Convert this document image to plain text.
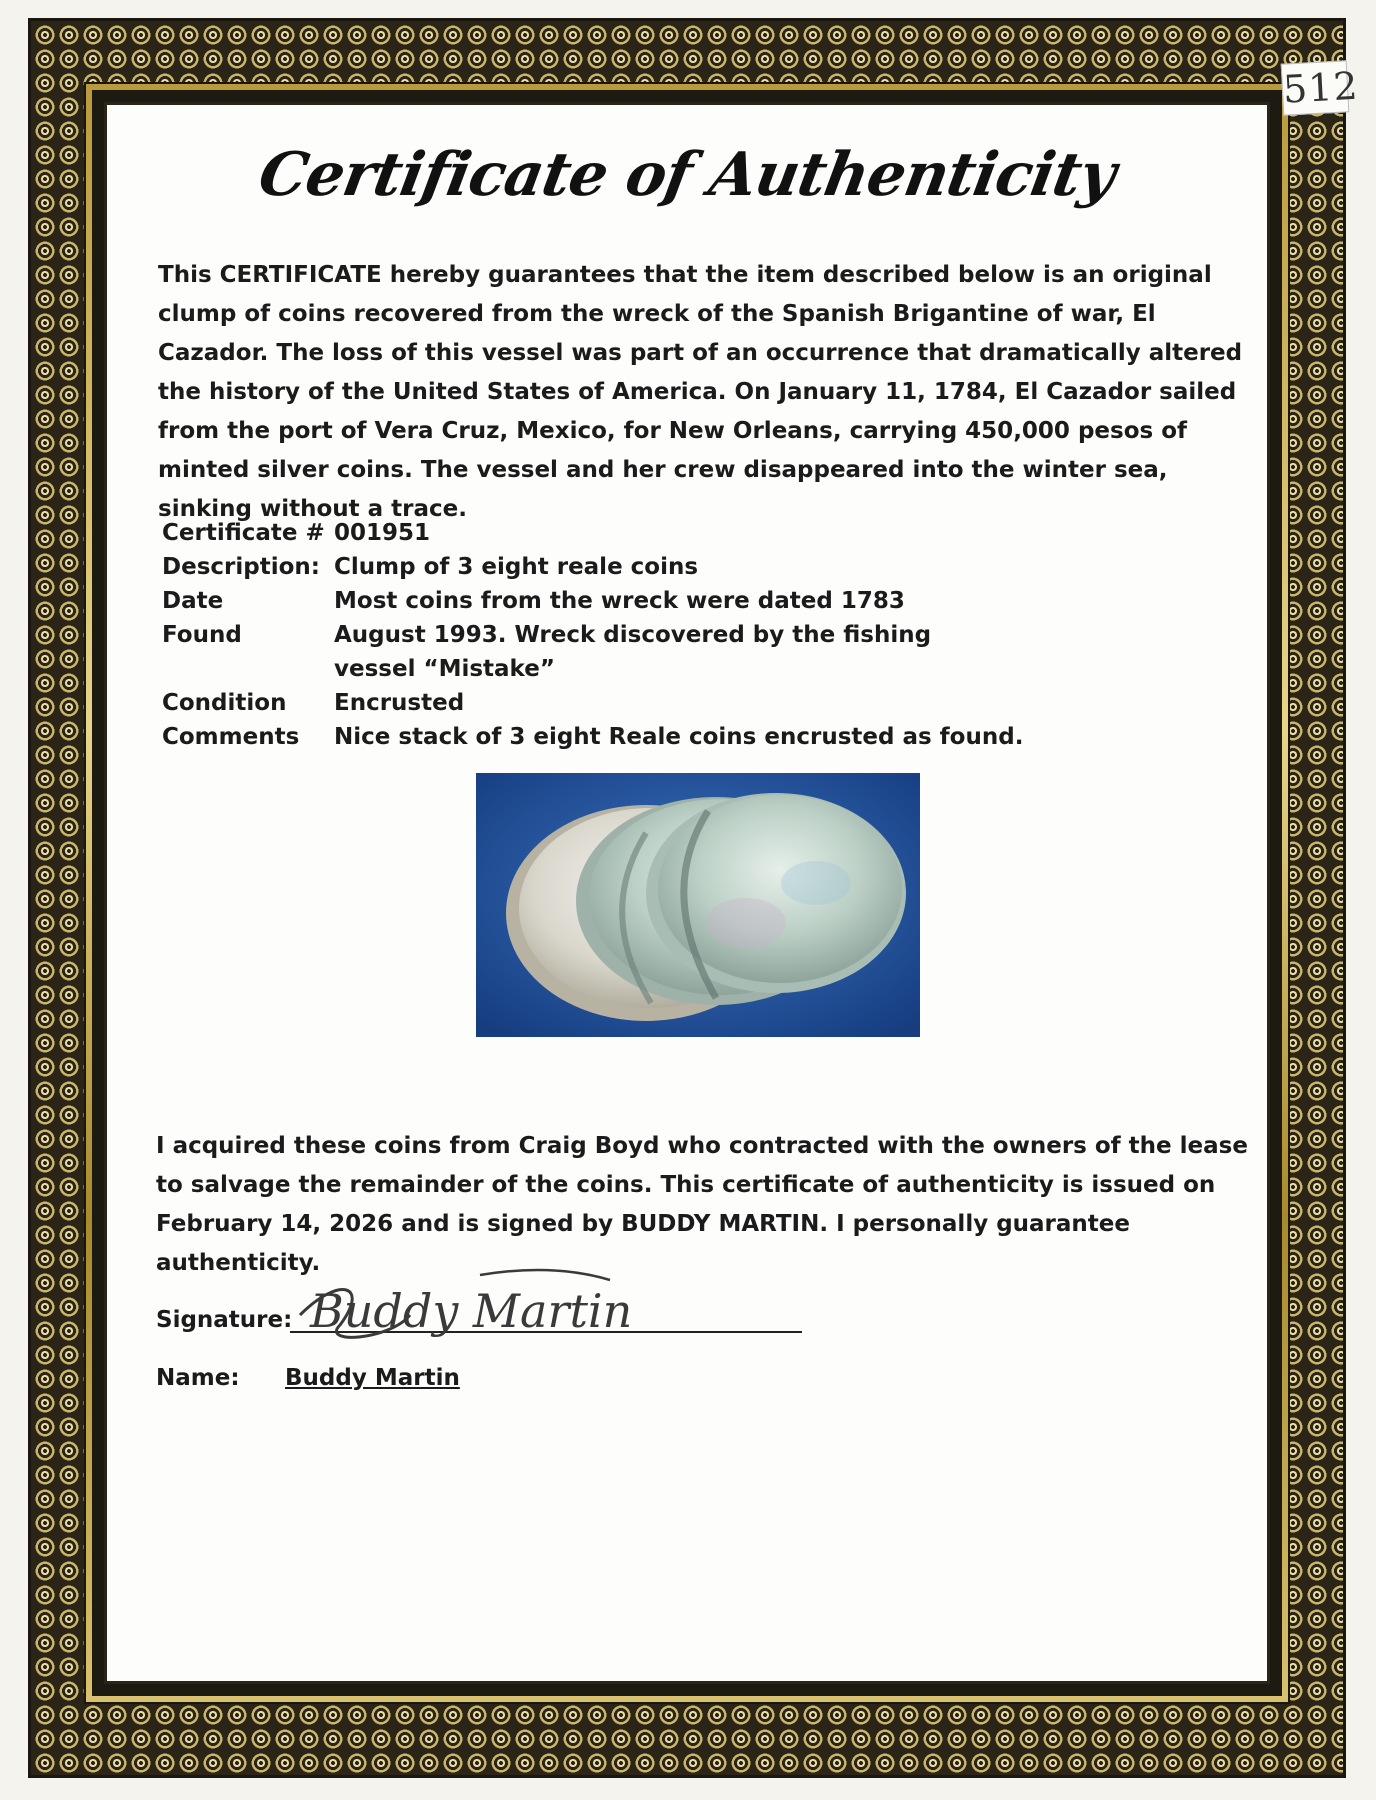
512
Certificate of Authenticity

This CERTIFICATE hereby guarantees that the item described below is an original clump of coins recovered from the wreck of the Spanish Brigantine of war, El Cazador. The loss of this vessel was part of an occurrence that dramatically altered the history of the United States of America. On January 11, 1784, El Cazador sailed from the port of Vera Cruz, Mexico, for New Orleans, carrying 450,000 pesos of minted silver coins. The vessel and her crew disappeared into the winter sea, sinking without a trace.

Certificate # 001951
Description: Clump of 3 eight reale coins
Date	Most coins from the wreck were dated 1783
Found	August 1993. Wreck discovered by the fishing vessel “Mistake”
Condition	Encrusted
Comments	Nice stack of 3 eight Reale coins encrusted as found.

I acquired these coins from Craig Boyd who contracted with the owners of the lease to salvage the remainder of the coins. This certificate of authenticity is issued on February 14, 2026 and is signed by BUDDY MARTIN. I personally guarantee authenticity.

Signature: Buddy Martin
Name: Buddy Martin
